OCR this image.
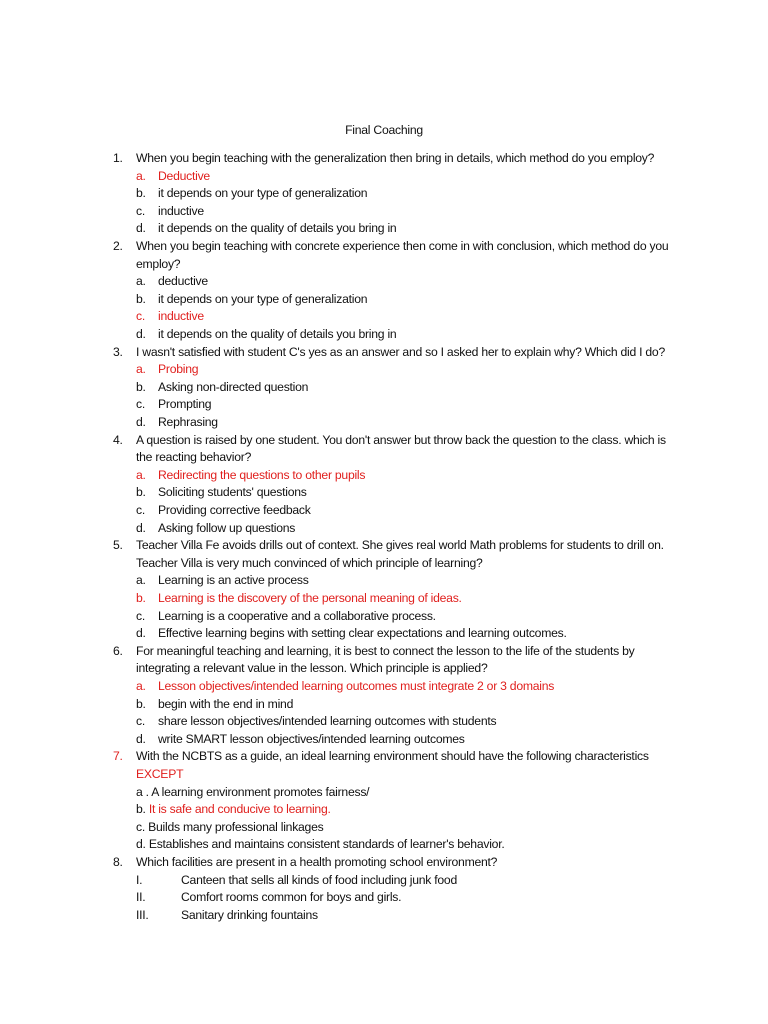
Final Coaching
1. When you begin teaching with the generalization then bring in details, which method do you employ?
a. Deductive
b. it depends on your type of generalization
c. inductive
d. it depends on the quality of details you bring in
2. When you begin teaching with concrete experience then come in with conclusion, which method do you
employ?
a. deductive
b. it depends on your type of generalization
c. inductive
d. it depends on the quality of details you bring in
3. I wasn't satisfied with student C's yes as an answer and so I asked her to explain why? Which did I do?
a. Probing
b. Asking non-directed question
c. Prompting
d. Rephrasing
4. A question is raised by one student. You don't answer but throw back the question to the class. which is
the reacting behavior?
a. Redirecting the questions to other pupils
b. Soliciting students' questions
c. Providing corrective feedback
d. Asking follow up questions
5. Teacher Villa Fe avoids drills out of context. She gives real world Math problems for students to drill on.
Teacher Villa is very much convinced of which principle of learning?
a. Learning is an active process
b. Learning is the discovery of the personal meaning of ideas.
c. Learning is a cooperative and a collaborative process.
d. Effective learning begins with setting clear expectations and learning outcomes.
6. For meaningful teaching and learning, it is best to connect the lesson to the life of the students by
integrating a relevant value in the lesson. Which principle is applied?
a. Lesson objectives/intended learning outcomes must integrate 2 or 3 domains
b. begin with the end in mind
c. share lesson objectives/intended learning outcomes with students
d. write SMART lesson objectives/intended learning outcomes
7. With the NCBTS as a guide, an ideal learning environment should have the following characteristics
EXCEPT
a . A learning environment promotes fairness/
b. It is safe and conducive to learning.
c. Builds many professional linkages
d. Establishes and maintains consistent standards of learner's behavior.
8. Which facilities are present in a health promoting school environment?
I.	Canteen that sells all kinds of food including junk food
II.	Comfort rooms common for boys and girls.
III.	Sanitary drinking fountains
